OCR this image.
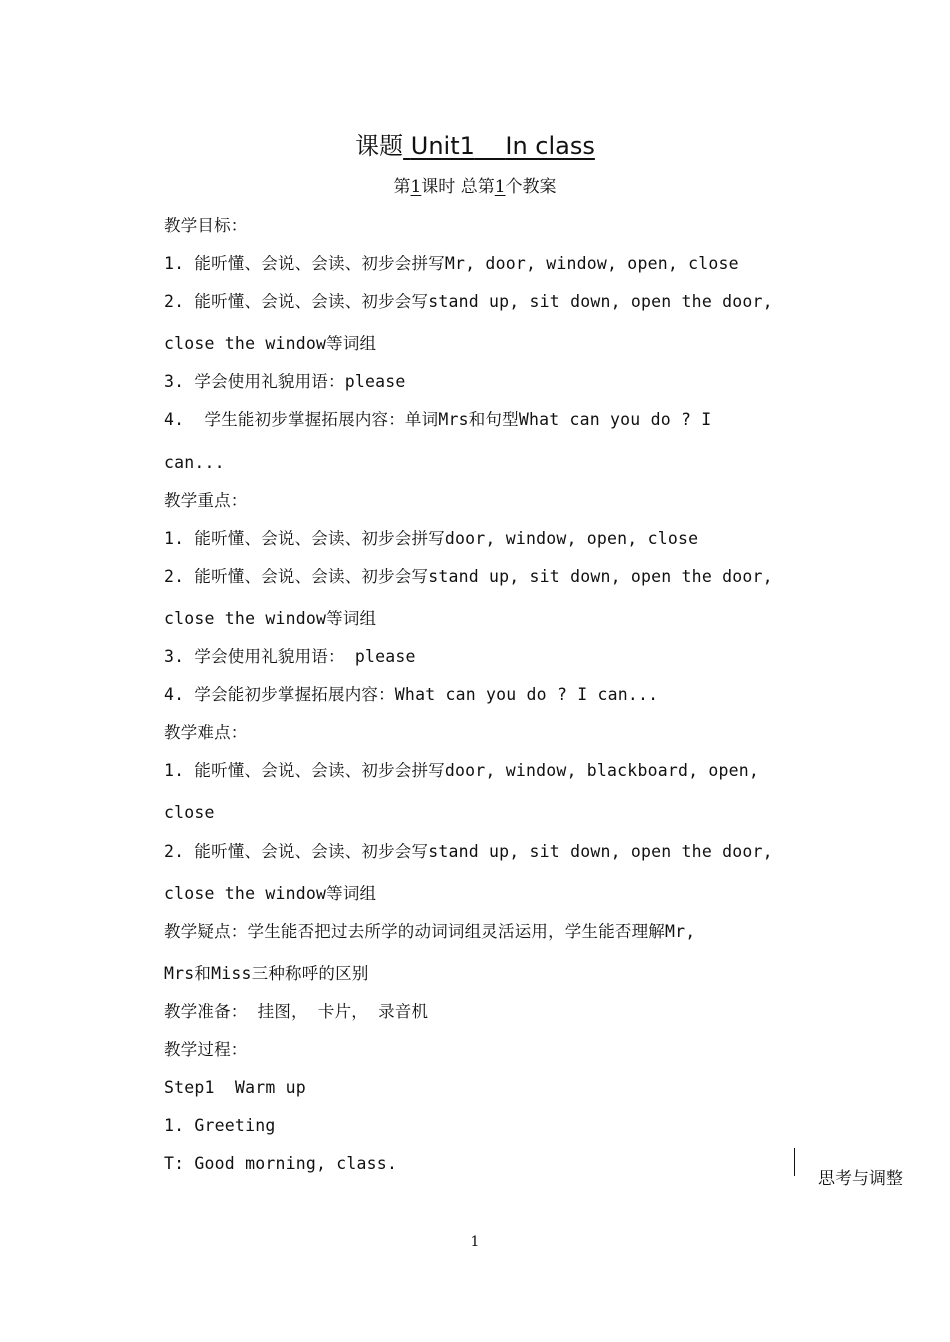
课题 Unit1 In class
第1课时 总第1个教案
教学目标：
1. 能听懂、会说、会读、初步会拼写Mr, door, window, open, close
2. 能听懂、会说、会读、初步会写stand up, sit down, open the door,
close the window等词组
3. 学会使用礼貌用语：please
4.  学生能初步掌握拓展内容：单词Mrs和句型What can you do ? I
can...
教学重点：
1. 能听懂、会说、会读、初步会拼写door, window, open, close
2. 能听懂、会说、会读、初步会写stand up, sit down, open the door,
close the window等词组
3. 学会使用礼貌用语： please
4. 学会能初步掌握拓展内容：What can you do ? I can...
教学难点：
1. 能听懂、会说、会读、初步会拼写door, window, blackboard, open,
close
2. 能听懂、会说、会读、初步会写stand up, sit down, open the door,
close the window等词组
教学疑点：学生能否把过去所学的动词词组灵活运用，学生能否理解Mr,
Mrs和Miss三种称呼的区别
教学准备： 挂图， 卡片， 录音机
教学过程：
Step1  Warm up
1. Greeting
T: Good morning, class.
思考与调整
1
